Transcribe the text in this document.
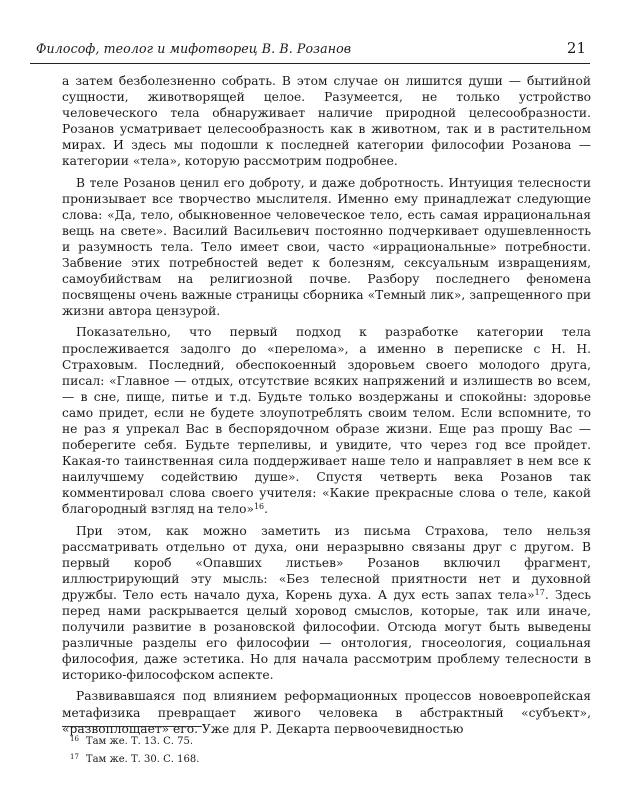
Философ, теолог и мифотворец В. В. Розанов	21

а затем безболезненно собрать. В этом случае он лишится души — бытийной сущности, животворящей целое. Разумеется, не только устройство человеческого тела обнаруживает наличие природной целесообразности. Розанов усматривает целесообразность как в животном, так и в растительном мирах. И здесь мы подошли к последней категории философии Розанова — категории «тела», которую рассмотрим подробнее.

В теле Розанов ценил его доброту, и даже добротность. Интуиция телесности пронизывает все творчество мыслителя. Именно ему принадлежат следующие слова: «Да, тело, обыкновенное человеческое тело, есть самая иррациональная вещь на свете». Василий Васильевич постоянно подчеркивает одушевленность и разумность тела. Тело имеет свои, часто «иррациональные» потребности. Забвение этих потребностей ведет к болезням, сексуальным извращениям, самоубийствам на религиозной почве. Разбору последнего феномена посвящены очень важные страницы сборника «Темный лик», запрещенного при жизни автора цензурой.

Показательно, что первый подход к разработке категории тела прослеживается задолго до «перелома», а именно в переписке с Н. Н. Страховым. Последний, обеспокоенный здоровьем своего молодого друга, писал: «Главное — отдых, отсутствие всяких напряжений и излишеств во всем, — в сне, пище, питье и т.д. Будьте только воздержаны и спокойны: здоровье само придет, если не будете злоупотреблять своим телом. Если вспомните, то не раз я упрекал Вас в беспорядочном образе жизни. Еще раз прошу Вас — поберегите себя. Будьте терпеливы, и увидите, что через год все пройдет. Какая-то таинственная сила поддерживает наше тело и направляет в нем все к наилучшему содействию душе». Спустя четверть века Розанов так комментировал слова своего учителя: «Какие прекрасные слова о теле, какой благородный взгляд на тело»$^{16}$.

При этом, как можно заметить из письма Страхова, тело нельзя рассматривать отдельно от духа, они неразрывно связаны друг с другом. В первый короб «Опавших листьев» Розанов включил фрагмент, иллюстрирующий эту мысль: «Без телесной приятности нет и духовной дружбы. Тело есть начало духа, Корень духа. А дух есть запах тела»$^{17}$. Здесь перед нами раскрывается целый хоровод смыслов, которые, так или иначе, получили развитие в розановской философии. Отсюда могут быть выведены различные разделы его философии — онтология, гносеология, социальная философия, даже эстетика. Но для начала рассмотрим проблему телесности в историко-философском аспекте.

Развивавшаяся под влиянием реформационных процессов новоевропейская метафизика превращает живого человека в абстрактный «субъект», «развоплощает» его. Уже для Р. Декарта первоочевидностью

$^{16}$ Там же. Т. 13. С. 75.

$^{17}$ Там же. Т. 30. С. 168.
